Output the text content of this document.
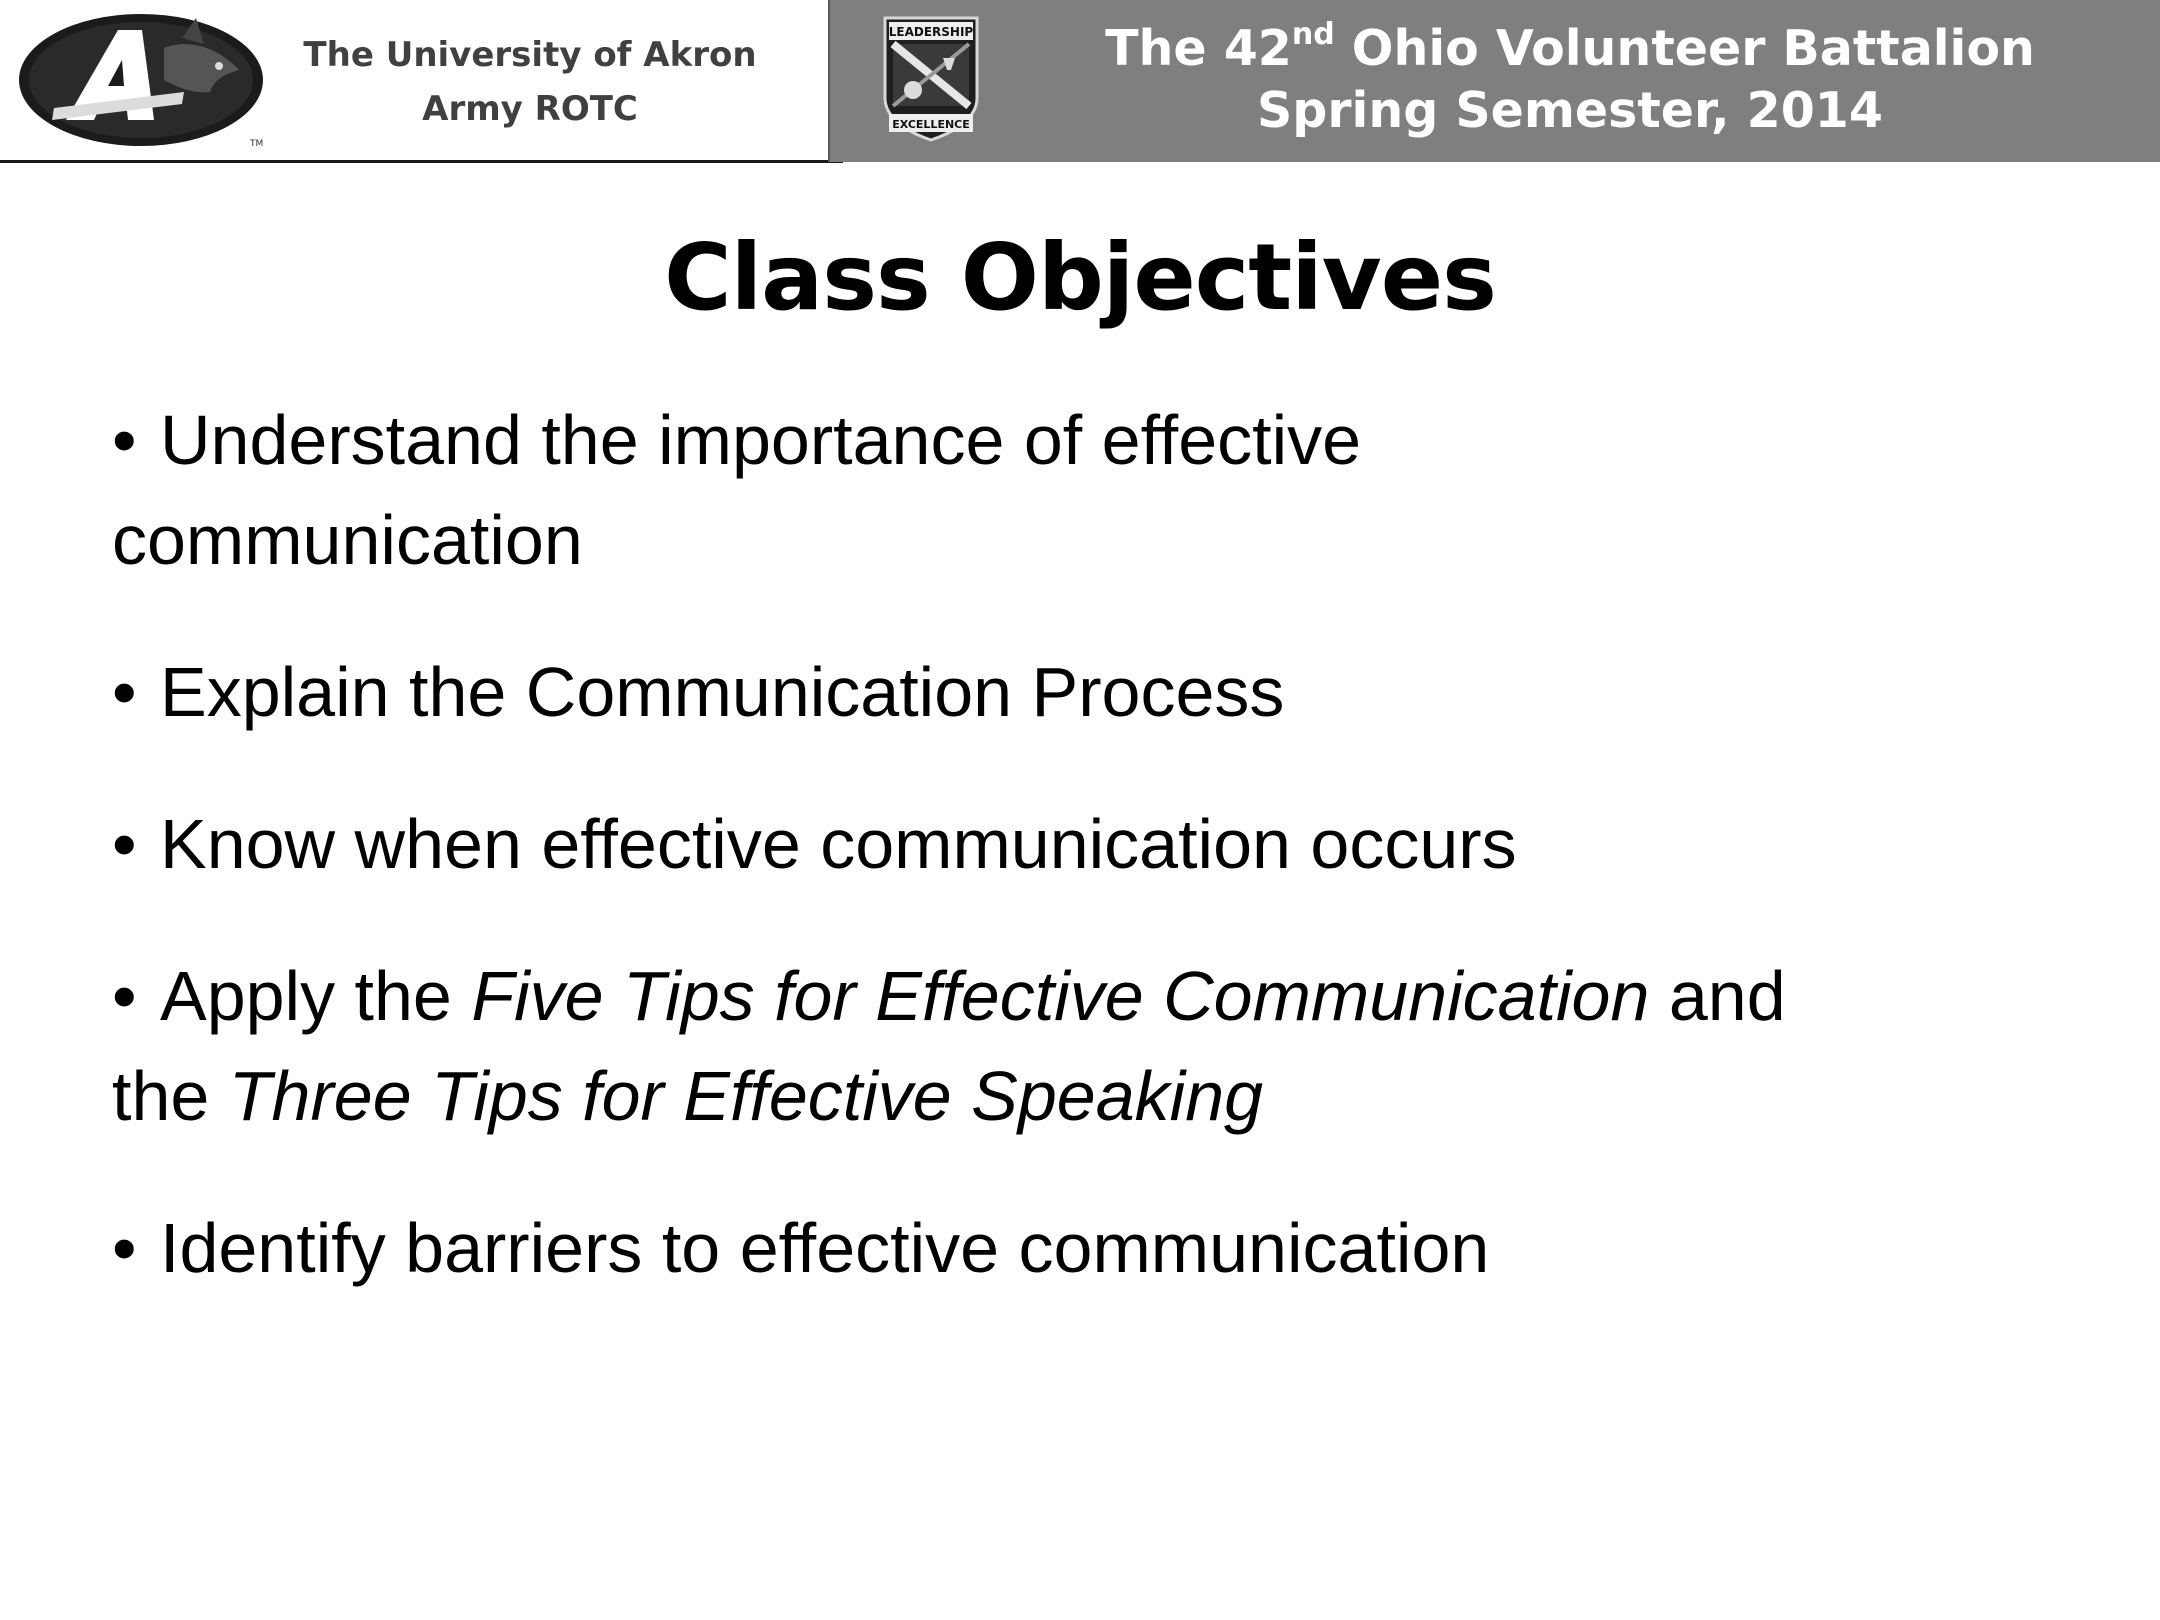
TM
The University of Akron
Army ROTC
LEADERSHIP
EXCELLENCE
The 42nd Ohio Volunteer Battalion
Spring Semester, 2014
Class Objectives
• Understand the importance of effective
communication
• Explain the Communication Process
• Know when effective communication occurs
• Apply the Five Tips for Effective Communication and
the Three Tips for Effective Speaking
• Identify barriers to effective communication
